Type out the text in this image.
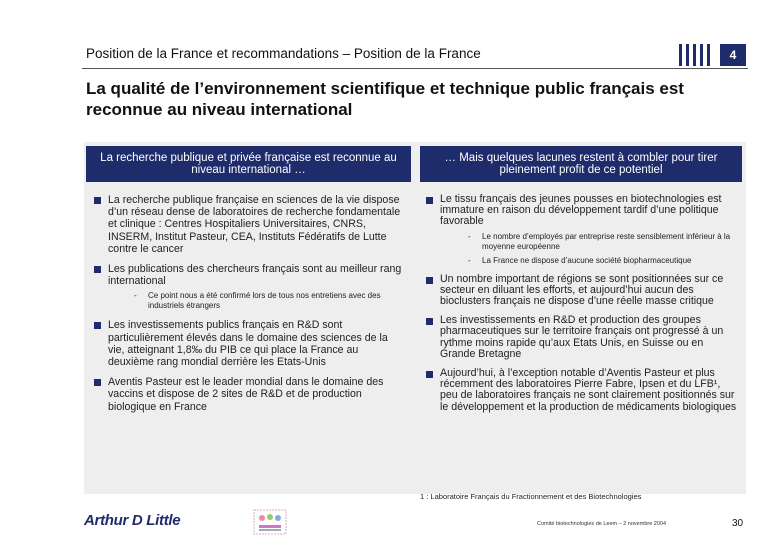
Position de la France et recommandations – Position de la France	4
La qualité de l’environnement scientifique et technique public français est reconnue au niveau international
La recherche publique et privée française est reconnue au niveau international …
… Mais quelques lacunes restent à combler pour tirer pleinement profit de ce potentiel
La recherche publique française en sciences de la vie dispose d’un réseau dense de laboratoires de recherche fondamentale et clinique : Centres Hospitaliers Universitaires, CNRS, INSERM, Institut Pasteur, CEA, Instituts Fédératifs de Lutte contre le cancer
Les publications des chercheurs français sont au meilleur rang international
- Ce point nous a été confirmé lors de tous nos entretiens avec des industriels étrangers
Les investissements publics français en R&D sont particulièrement élevés dans le domaine des sciences de la vie, atteignant 1,8‰ du PIB ce qui place la France au deuxième rang mondial derrière les Etats-Unis
Aventis Pasteur est le leader mondial dans le domaine des vaccins et dispose de 2 sites de R&D et de production biologique en France
Le tissu français des jeunes pousses en biotechnologies est immature en raison du développement tardif d’une politique favorable
- Le nombre d’employés par entreprise reste sensiblement inférieur à la moyenne européenne
- La France ne dispose d’aucune société biopharmaceutique
Un nombre important de régions se sont positionnées sur ce secteur en diluant les efforts, et aujourd’hui aucun des bioclusters français ne dispose d’une réelle masse critique
Les investissements en R&D et production des groupes pharmaceutiques sur le territoire français ont progressé à un rythme moins rapide qu’aux Etats Unis, en Suisse ou en Grande Bretagne
Aujourd’hui, à l’exception notable d’Aventis Pasteur et plus récemment des laboratoires Pierre Fabre, Ipsen et du LFB¹, peu de laboratoires français ne sont clairement positionnés sur le développement et la production de médicaments biologiques
1 : Laboratoire Français du Fractionnement et des Biotechnologies
Arthur D Little	Comité biotechnologies de Leem – 2 novembre 2004	30
